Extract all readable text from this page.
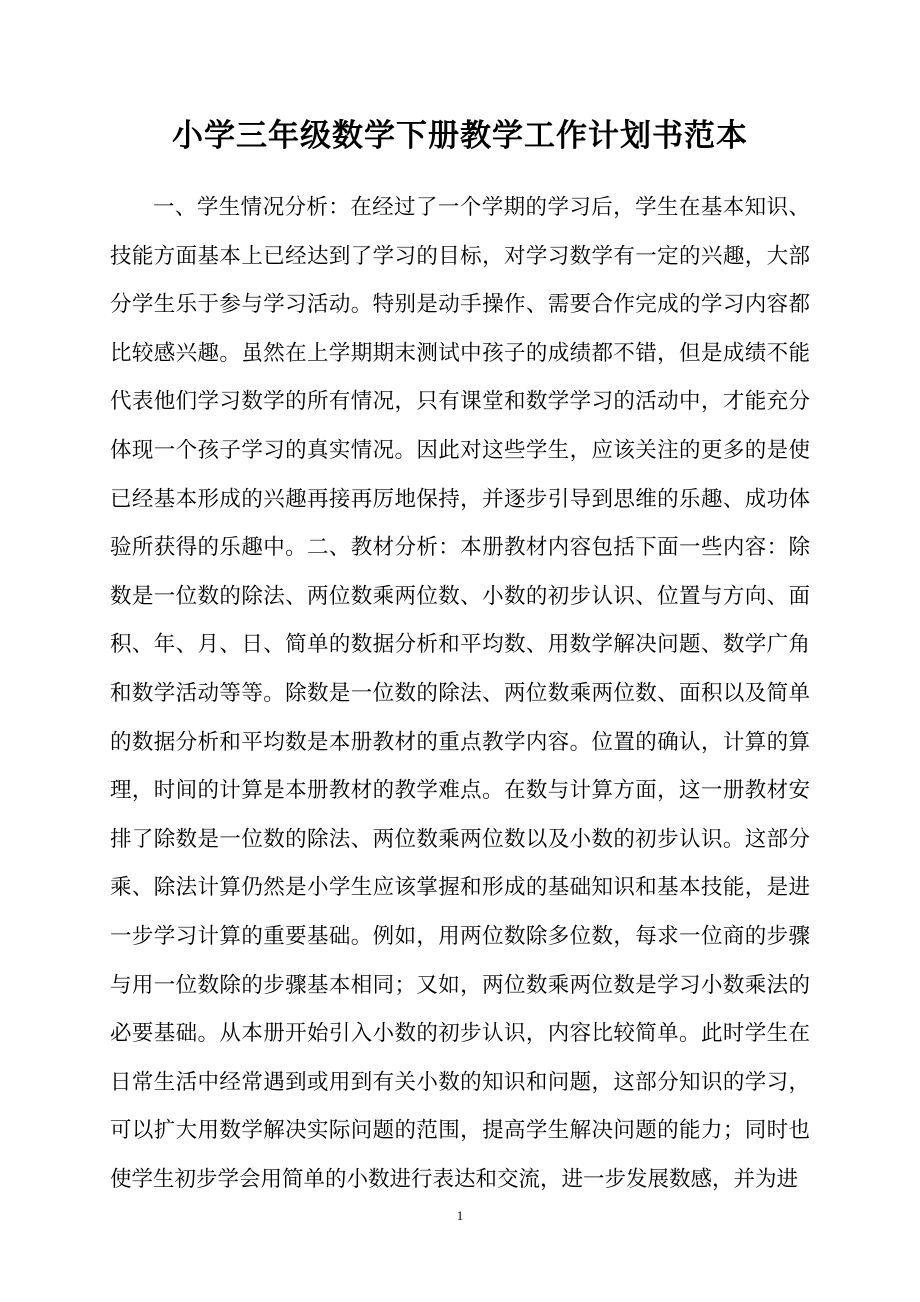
小学三年级数学下册教学工作计划书范本

一、学生情况分析：在经过了一个学期的学习后，学生在基本知识、技能方面基本上已经达到了学习的目标，对学习数学有一定的兴趣，大部分学生乐于参与学习活动。特别是动手操作、需要合作完成的学习内容都比较感兴趣。虽然在上学期期末测试中孩子的成绩都不错，但是成绩不能代表他们学习数学的所有情况，只有课堂和数学学习的活动中，才能充分体现一个孩子学习的真实情况。因此对这些学生，应该关注的更多的是使已经基本形成的兴趣再接再厉地保持，并逐步引导到思维的乐趣、成功体验所获得的乐趣中。二、教材分析：本册教材内容包括下面一些内容：除数是一位数的除法、两位数乘两位数、小数的初步认识、位置与方向、面积、年、月、日、简单的数据分析和平均数、用数学解决问题、数学广角和数学活动等等。除数是一位数的除法、两位数乘两位数、面积以及简单的数据分析和平均数是本册教材的重点教学内容。位置的确认，计算的算理，时间的计算是本册教材的教学难点。在数与计算方面，这一册教材安排了除数是一位数的除法、两位数乘两位数以及小数的初步认识。这部分乘、除法计算仍然是小学生应该掌握和形成的基础知识和基本技能，是进一步学习计算的重要基础。例如，用两位数除多位数，每求一位商的步骤与用一位数除的步骤基本相同；又如，两位数乘两位数是学习小数乘法的必要基础。从本册开始引入小数的初步认识，内容比较简单。此时学生在日常生活中经常遇到或用到有关小数的知识和问题，这部分知识的学习，可以扩大用数学解决实际问题的范围，提高学生解决问题的能力；同时也使学生初步学会用简单的小数进行表达和交流，进一步发展数感，并为进

1
